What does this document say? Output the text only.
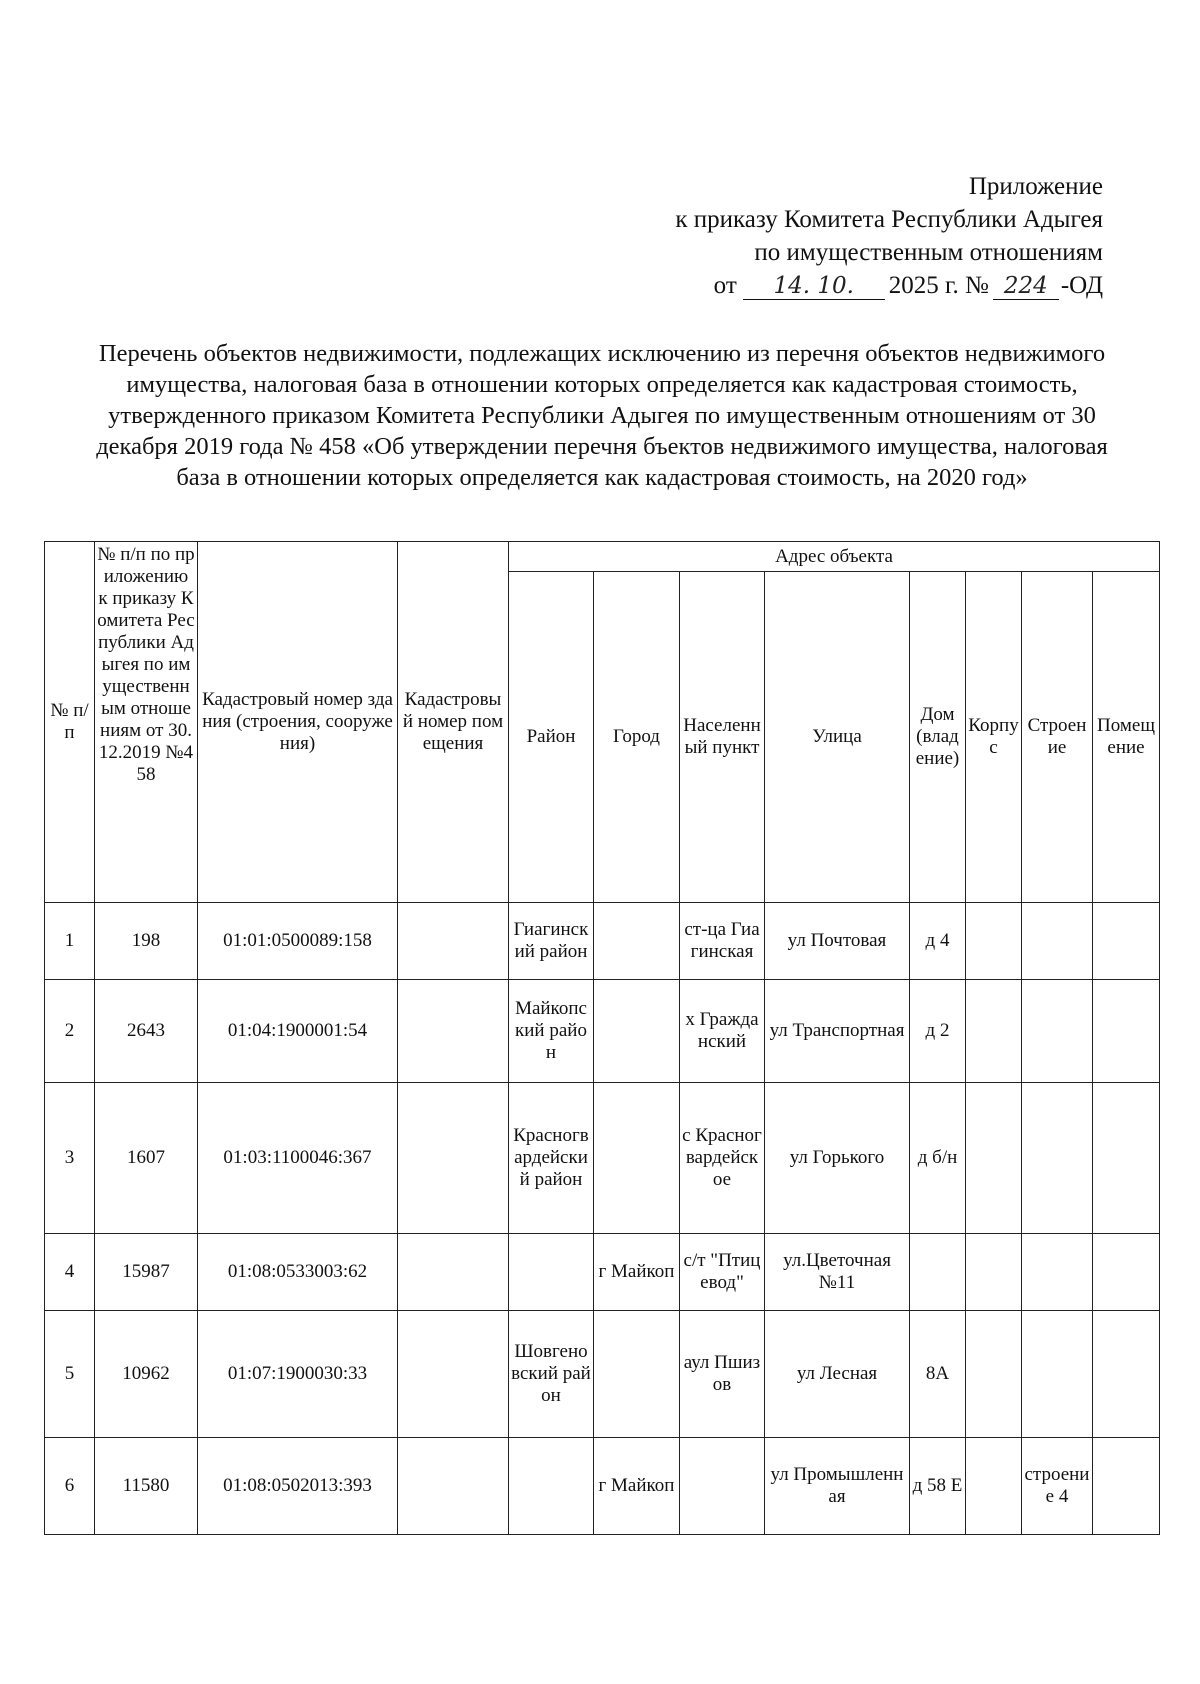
Приложение
к приказу Комитета Республики Адыгея
по имущественным отношениям
от 14. 10. 2025 г. № 224 -ОД
Перечень объектов недвижимости, подлежащих исключению из перечня объектов недвижимого имущества, налоговая база в отношении которых определяется как кадастровая стоимость, утвержденного приказом Комитета Республики Адыгея по имущественным отношениям от 30 декабря 2019 года № 458 «Об утверждении перечня бъектов недвижимого имущества, налоговая база в отношении которых определяется как кадастровая стоимость, на 2020 год»
№ п/п	№ п/п по приложению к приказу Комитета Республики Адыгея по имущественным отношениям от 30.12.2019 №458	Кадастровый номер здания (строения, сооружения)	Кадастровый номер помещения	Адрес объекта							
				Район	Город	Населенный пункт	Улица	Дом (владение)	Корпус	Строение	Помещение
1	198	01:01:0500089:158		Гиагинский район		ст-ца Гиагинская	ул Почтовая	д 4			
2	2643	01:04:1900001:54		Майкопский район		х Гражданский	ул Транспортная	д 2			
3	1607	01:03:1100046:367		Красногвардейский район		с Красногвардейское	ул Горького	д б/н			
4	15987	01:08:0533003:62			г Майкоп	с/т "Птицевод"	ул.Цветочная №11				
5	10962	01:07:1900030:33		Шовгеновский район		аул Пшизов	ул Лесная	8А			
6	11580	01:08:0502013:393			г Майкоп		ул Промышленная	д 58 Е		строение 4	
